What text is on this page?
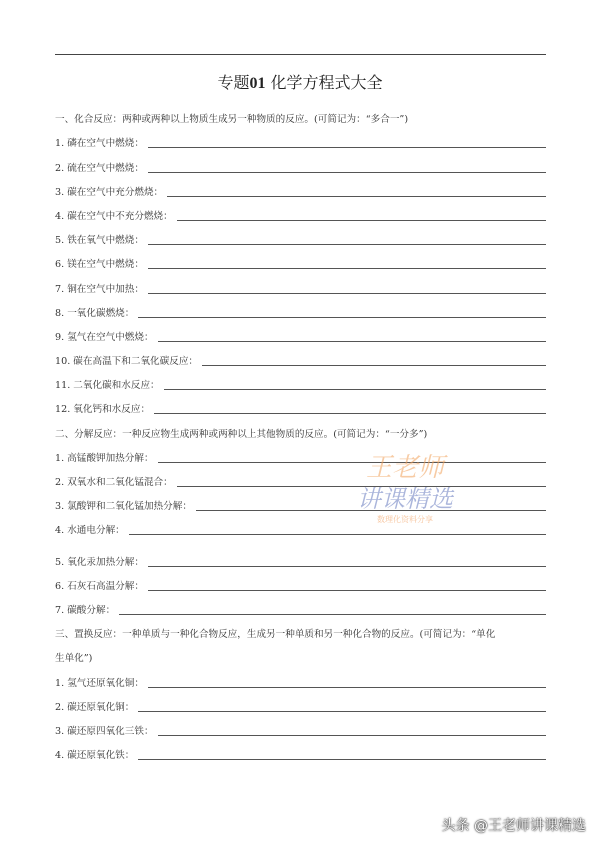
专题01 化学方程式大全
一、化合反应：两种或两种以上物质生成另一种物质的反应。(可简记为：“多合一”)
1. 磷在空气中燃烧：
2. 硫在空气中燃烧：
3. 碳在空气中充分燃烧：
4. 碳在空气中不充分燃烧：
5. 铁在氧气中燃烧：
6. 镁在空气中燃烧：
7. 铜在空气中加热：
8. 一氧化碳燃烧：
9. 氢气在空气中燃烧：
10. 碳在高温下和二氧化碳反应：
11. 二氧化碳和水反应：
12. 氧化钙和水反应：
二、分解反应：一种反应物生成两种或两种以上其他物质的反应。(可简记为：“一分多”)
1. 高锰酸钾加热分解：
2. 双氧水和二氧化锰混合：
3. 氯酸钾和二氧化锰加热分解：
4. 水通电分解：
5. 氧化汞加热分解：
6. 石灰石高温分解：
7. 碳酸分解：
三、置换反应：一种单质与一种化合物反应，生成另一种单质和另一种化合物的反应。(可简记为：“单化
生单化”)
1. 氢气还原氧化铜：
2. 碳还原氧化铜：
3. 碳还原四氧化三铁：
4. 碳还原氧化铁：
王老师
讲课精选
数理化资料分享
头条 @王老师讲课精选
